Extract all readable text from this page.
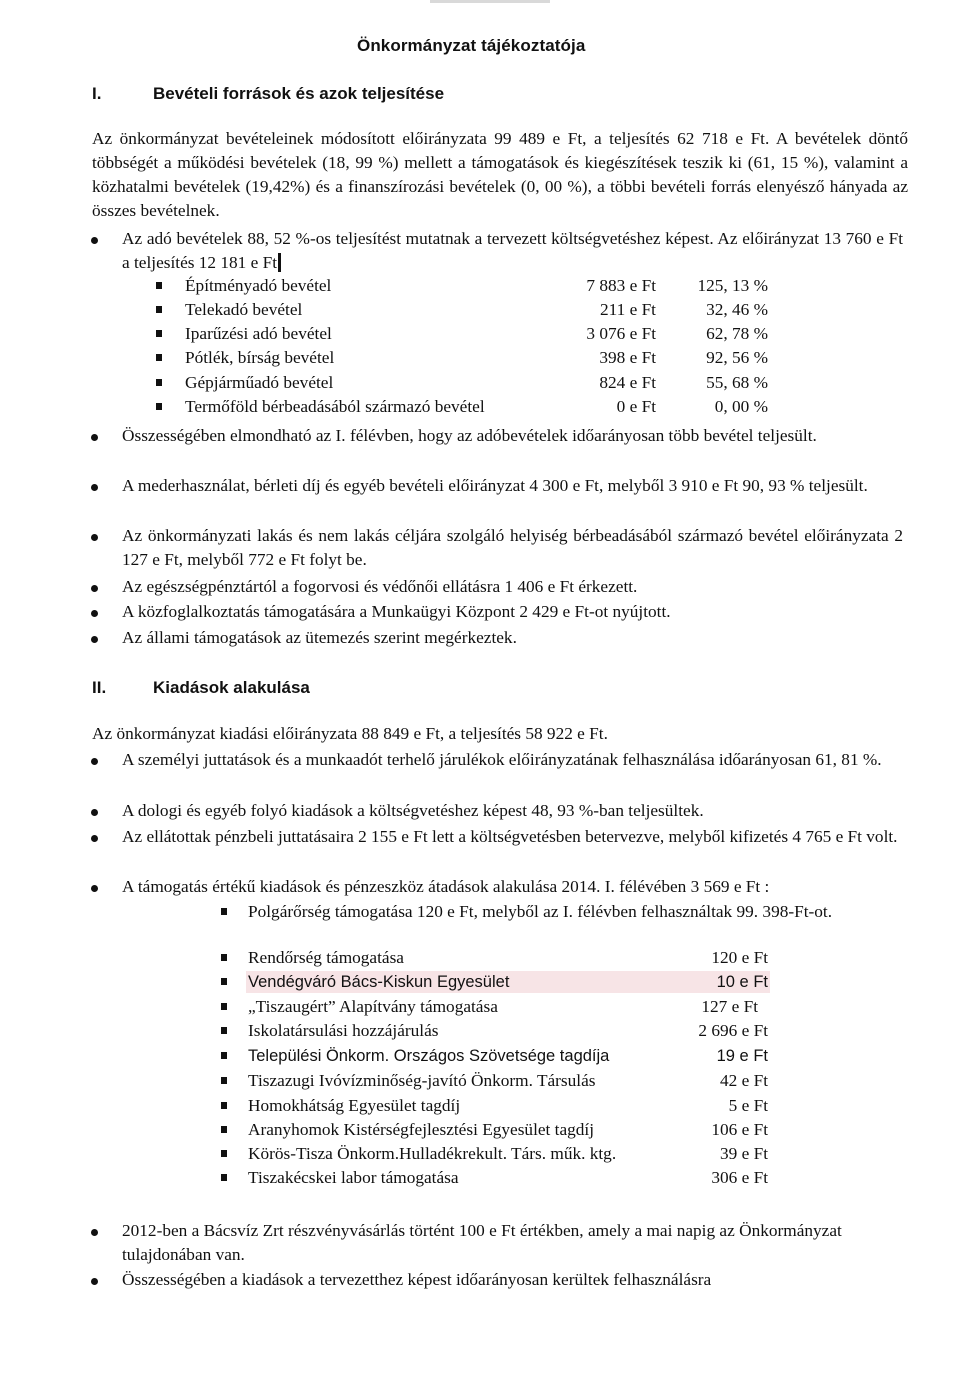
Önkormányzat tájékoztatója
I.	Bevételi források és azok teljesítése

Az önkormányzat bevételeinek módosított előirányzata 99 489 e Ft, a teljesítés 62 718 e Ft. A bevételek döntő többségét a működési bevételek (18, 99 %) mellett a támogatások és kiegészítések teszik ki (61, 15 %), valamint a közhatalmi bevételek (19,42%) és a finanszírozási bevételek (0, 00 %), a többi bevételi forrás elenyésző hányada az összes bevételnek.

Az adó bevételek 88, 52 %-os teljesítést mutatnak a tervezett költségvetéshez képest. Az előirányzat 13 760 e Ft a teljesítés 12 181 e Ft
Építményadó bevétel	7 883 e Ft	125, 13 %
Telekadó bevétel	211 e Ft	32, 46 %
Iparűzési adó bevétel	3 076 e Ft	62, 78 %
Pótlék, bírság bevétel	398 e Ft	92, 56 %
Gépjárműadó bevétel	824 e Ft	55, 68 %
Termőföld bérbeadásából származó bevétel	0 e Ft	0, 00 %
Összességében elmondható az I. félévben, hogy az adóbevételek időarányosan több bevétel teljesült.
A mederhasználat, bérleti díj és egyéb bevételi előirányzat 4 300 e Ft, melyből 3 910 e Ft 90, 93 % teljesült.
Az önkormányzati lakás és nem lakás céljára szolgáló helyiség bérbeadásából származó bevétel előirányzata 2 127 e Ft, melyből 772 e Ft folyt be.
Az egészségpénztártól a fogorvosi és védőnői ellátásra 1 406 e Ft érkezett.
A közfoglalkoztatás támogatására a Munkaügyi Központ 2 429 e Ft-ot nyújtott.
Az állami támogatások az ütemezés szerint megérkeztek.
II.	Kiadások alakulása

Az önkormányzat kiadási előirányzata 88 849 e Ft, a teljesítés 58 922 e Ft.

A személyi juttatások és a munkaadót terhelő járulékok előirányzatának felhasználása időarányosan 61, 81 %.
A dologi és egyéb folyó kiadások a költségvetéshez képest 48, 93 %-ban teljesültek.
Az ellátottak pénzbeli juttatásaira 2 155 e Ft lett a költségvetésben betervezve, melyből kifizetés 4 765 e Ft volt.
A támogatás értékű kiadások és pénzeszköz átadások alakulása 2014. I. félévében 3 569 e Ft :

Polgárőrség támogatása 120 e Ft, melyből az I. félévben felhasználtak 99. 398-Ft-ot.

Rendőrség támogatása	120 e Ft
Vendégváró Bács-Kiskun Egyesület	10 e Ft
„Tiszaugért” Alapítvány támogatása	127 e Ft
Iskolatársulási hozzájárulás	2 696 e Ft
Települési Önkorm. Országos Szövetsége tagdíja	19 e Ft
Tiszazugi Ivóvízminőség-javító Önkorm. Társulás	42 e Ft
Homokhátság Egyesület tagdíj	5 e Ft
Aranyhomok Kistérségfejlesztési Egyesület tagdíj	106 e Ft
Körös-Tisza Önkorm.Hulladékrekult. Társ. műk. ktg.	39 e Ft
Tiszakécskei labor támogatása	306 e Ft
2012-ben a Bácsvíz Zrt részvényvásárlás történt 100 e Ft értékben, amely a mai napig az Önkormányzat tulajdonában van.
Összességében a kiadások a tervezetthez képest időarányosan kerültek felhasználásra
